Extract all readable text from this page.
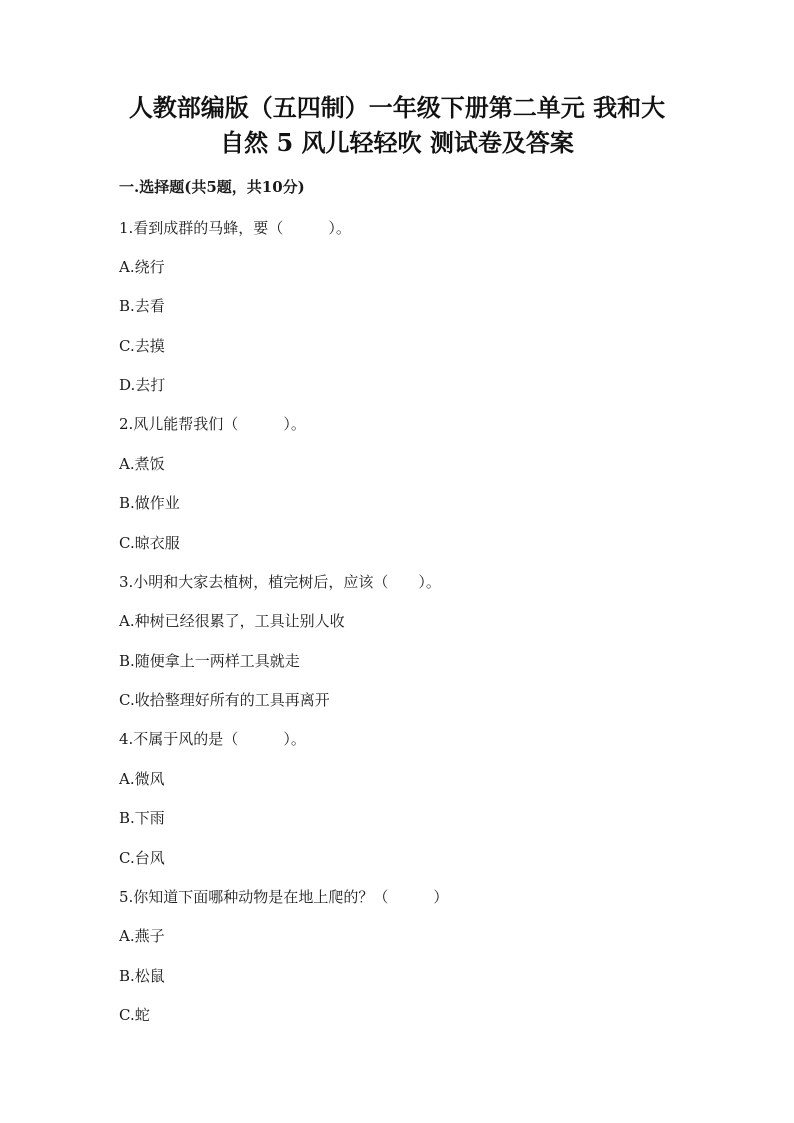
人教部编版（五四制）一年级下册第二单元 我和大
自然 5 风儿轻轻吹 测试卷及答案
一.选择题(共5题，共10分)
1.看到成群的马蜂，要（　　　）。
A.绕行
B.去看
C.去摸
D.去打
2.风儿能帮我们（　　　）。
A.煮饭
B.做作业
C.晾衣服
3.小明和大家去植树，植完树后，应该（　　）。
A.种树已经很累了，工具让别人收
B.随便拿上一两样工具就走
C.收拾整理好所有的工具再离开
4.不属于风的是（　　　）。
A.微风
B.下雨
C.台风
5.你知道下面哪种动物是在地上爬的？（　　　）
A.燕子
B.松鼠
C.蛇
